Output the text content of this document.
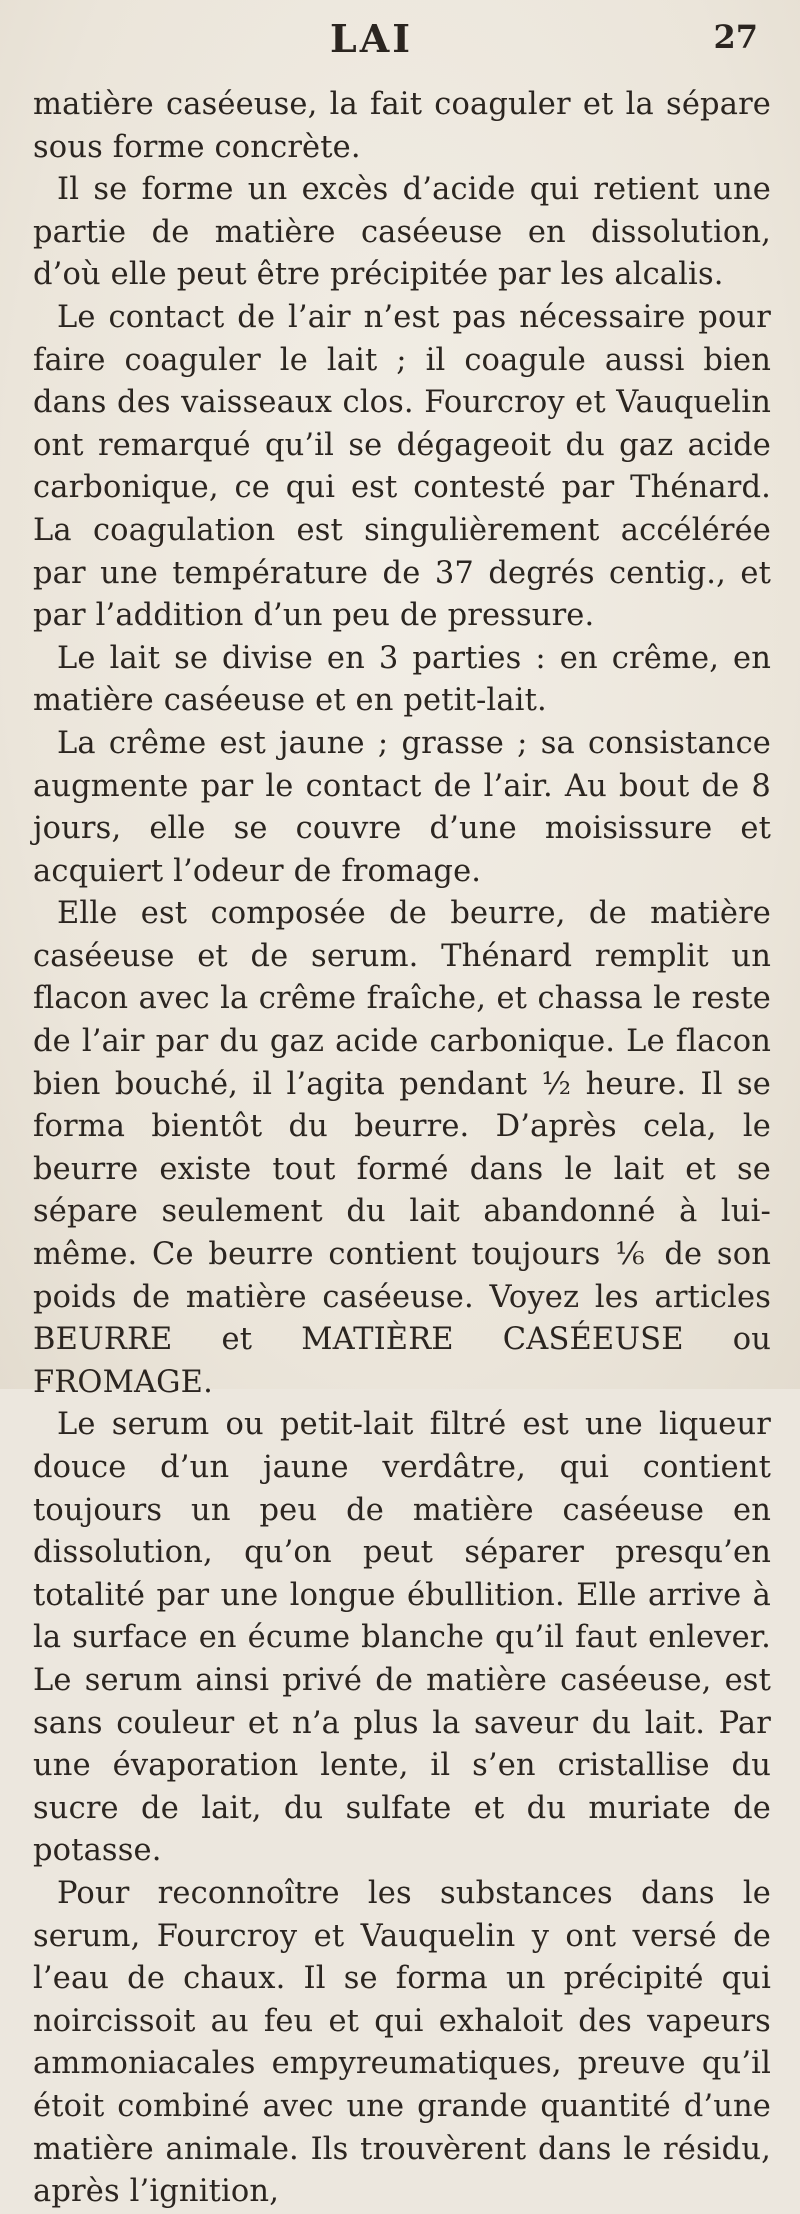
LAI	27

matière caséeuse, la fait coaguler et la sépare sous forme concrète.

Il se forme un excès d’acide qui retient une partie de matière caséeuse en dissolution, d’où elle peut être précipitée par les alcalis.

Le contact de l’air n’est pas nécessaire pour faire coaguler le lait ; il coagule aussi bien dans des vaisseaux clos. Fourcroy et Vauquelin ont remarqué qu’il se dégageoit du gaz acide carbonique, ce qui est contesté par Thénard. La coagulation est singulièrement accélérée par une température de 37 degrés centig., et par l’addition d’un peu de pressure.

Le lait se divise en 3 parties : en crême, en matière caséeuse et en petit-lait.

La crême est jaune ; grasse ; sa consistance augmente par le contact de l’air. Au bout de 8 jours, elle se couvre d’une moisissure et acquiert l’odeur de fromage.

Elle est composée de beurre, de matière caséeuse et de serum. Thénard remplit un flacon avec la crême fraîche, et chassa le reste de l’air par du gaz acide carbonique. Le flacon bien bouché, il l’agita pendant ½ heure. Il se forma bientôt du beurre. D’après cela, le beurre existe tout formé dans le lait et se sépare seulement du lait abandonné à lui-même. Ce beurre contient toujours ⅙ de son poids de matière caséeuse. Voyez les articles BEURRE et MATIÈRE CASÉEUSE ou FROMAGE.

Le serum ou petit-lait filtré est une liqueur douce d’un jaune verdâtre, qui contient toujours un peu de matière caséeuse en dissolution, qu’on peut séparer presqu’en totalité par une longue ébullition. Elle arrive à la surface en écume blanche qu’il faut enlever. Le serum ainsi privé de matière caséeuse, est sans couleur et n’a plus la saveur du lait. Par une évaporation lente, il s’en cristallise du sucre de lait, du sulfate et du muriate de potasse.

Pour reconnoître les substances dans le serum, Fourcroy et Vauquelin y ont versé de l’eau de chaux. Il se forma un précipité qui noircissoit au feu et qui exhaloit des vapeurs ammoniacales empyreumatiques, preuve qu’il étoit combiné avec une grande quantité d’une matière animale. Ils trouvèrent dans le résidu, après l’ignition,
